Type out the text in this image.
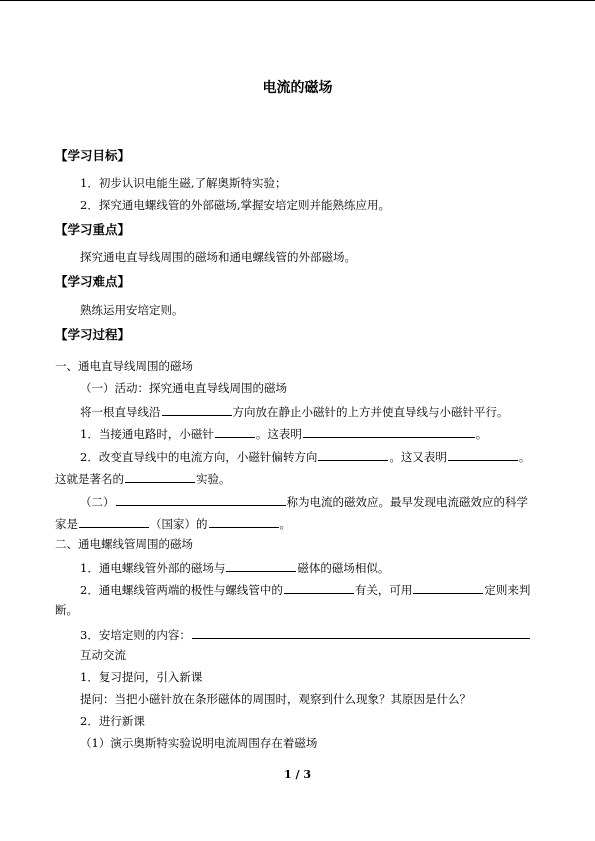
电流的磁场
【学习目标】
1．初步认识电能生磁,了解奥斯特实验；
2．探究通电螺线管的外部磁场,掌握安培定则并能熟练应用。
【学习重点】
探究通电直导线周围的磁场和通电螺线管的外部磁场。
【学习难点】
熟练运用安培定则。
【学习过程】
一、通电直导线周围的磁场
（一）活动：探究通电直导线周围的磁场
将一根直导线沿	方向放在静止小磁针的上方并使直导线与小磁针平行。
1．当接通电路时，小磁针	。这表明	。
2．改变直导线中的电流方向，小磁针偏转方向	。这又表明	。
这就是著名的	实验。
（二）	称为电流的磁效应。最早发现电流磁效应的科学
家是	（国家）的	。
二、通电螺线管周围的磁场
1．通电螺线管外部的磁场与	磁体的磁场相似。
2．通电螺线管两端的极性与螺线管中的	有关，可用	定则来判
断。
3．安培定则的内容：
互动交流
1．复习提问，引入新课
提问：当把小磁针放在条形磁体的周围时，观察到什么现象？其原因是什么？
2．进行新课
（1）演示奥斯特实验说明电流周围存在着磁场
1 / 3
